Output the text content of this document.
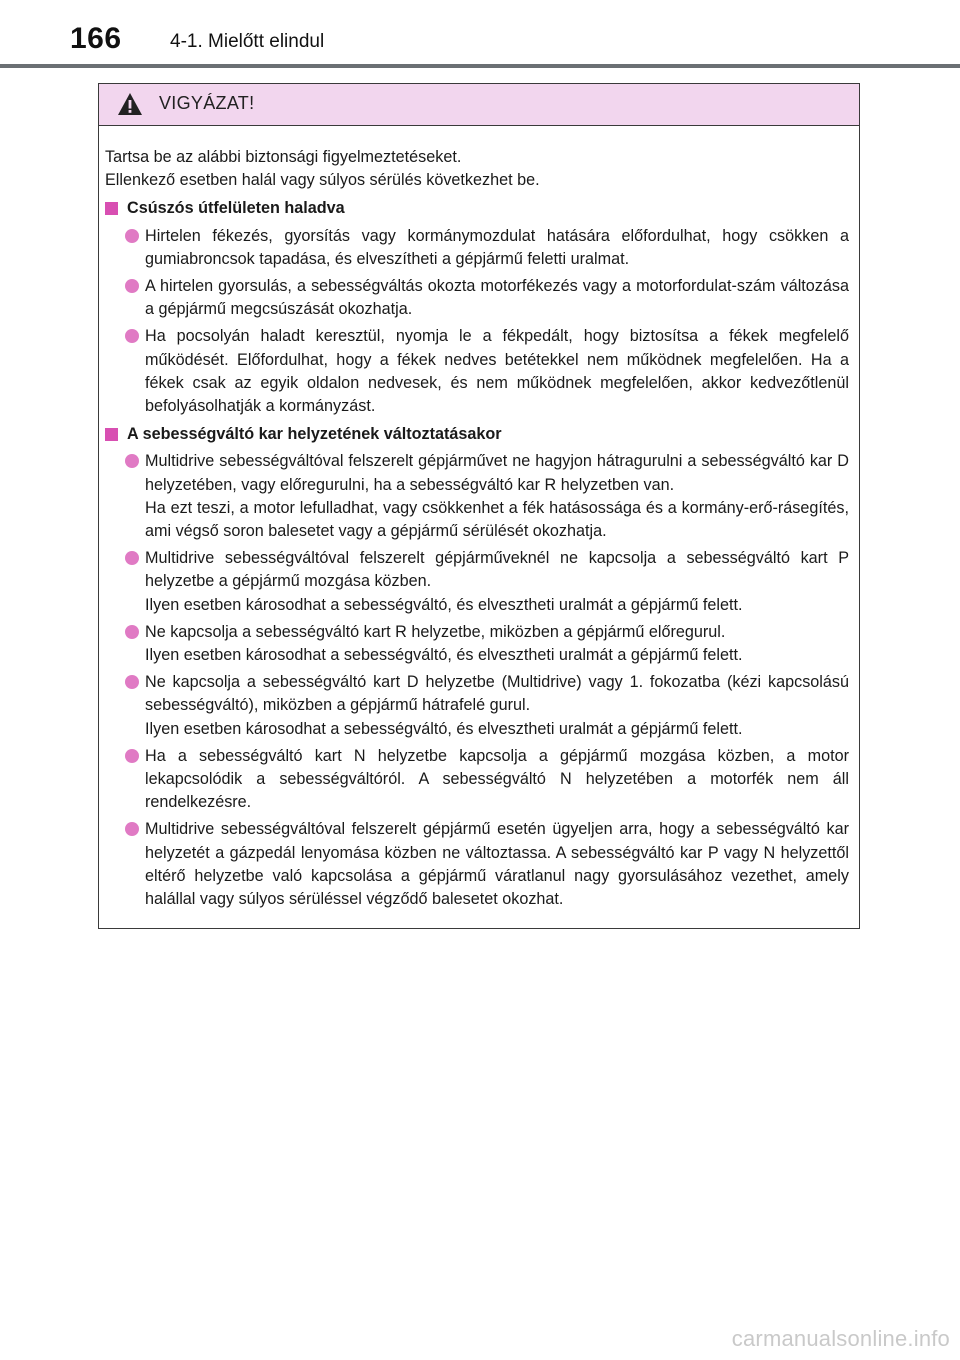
166	4-1. Mielőtt elindul
VIGYÁZAT!

Tartsa be az alábbi biztonsági figyelmeztetéseket.

Ellenkező esetben halál vagy súlyos sérülés következhet be.

Csúszós útfelületen haladva

Hirtelen fékezés, gyorsítás vagy kormánymozdulat hatására előfordulhat, hogy csökken a gumiabroncsok tapadása, és elveszítheti a gépjármű feletti uralmat.

A hirtelen gyorsulás, a sebességváltás okozta motorfékezés vagy a motorfordulat-szám változása a gépjármű megcsúszását okozhatja.

Ha pocsolyán haladt keresztül, nyomja le a fékpedált, hogy biztosítsa a fékek megfelelő működését. Előfordulhat, hogy a fékek nedves betétekkel nem működnek megfelelően. Ha a fékek csak az egyik oldalon nedvesek, és nem működnek megfelelően, akkor kedvezőtlenül befolyásolhatják a kormányzást.

A sebességváltó kar helyzetének változtatásakor

Multidrive sebességváltóval felszerelt gépjárművet ne hagyjon hátragurulni a sebességváltó kar D helyzetében, vagy előregurulni, ha a sebességváltó kar R helyzetben van.

Ha ezt teszi, a motor lefulladhat, vagy csökkenhet a fék hatásossága és a kormány-erő-rásegítés, ami végső soron balesetet vagy a gépjármű sérülését okozhatja.

Multidrive sebességváltóval felszerelt gépjárműveknél ne kapcsolja a sebességváltó kart P helyzetbe a gépjármű mozgása közben.

Ilyen esetben károsodhat a sebességváltó, és elvesztheti uralmát a gépjármű felett.

Ne kapcsolja a sebességváltó kart R helyzetbe, miközben a gépjármű előregurul.

Ilyen esetben károsodhat a sebességváltó, és elvesztheti uralmát a gépjármű felett.

Ne kapcsolja a sebességváltó kart D helyzetbe (Multidrive) vagy 1. fokozatba (kézi kapcsolású sebességváltó), miközben a gépjármű hátrafelé gurul.

Ilyen esetben károsodhat a sebességváltó, és elvesztheti uralmát a gépjármű felett.

Ha a sebességváltó kart N helyzetbe kapcsolja a gépjármű mozgása közben, a motor lekapcsolódik a sebességváltóról. A sebességváltó N helyzetében a motorfék nem áll rendelkezésre.

Multidrive sebességváltóval felszerelt gépjármű esetén ügyeljen arra, hogy a sebességváltó kar helyzetét a gázpedál lenyomása közben ne változtassa. A sebességváltó kar P vagy N helyzettől eltérő helyzetbe való kapcsolása a gépjármű váratlanul nagy gyorsulásához vezethet, amely halállal vagy súlyos sérüléssel végződő balesetet okozhat.

carmanualsonline.info
